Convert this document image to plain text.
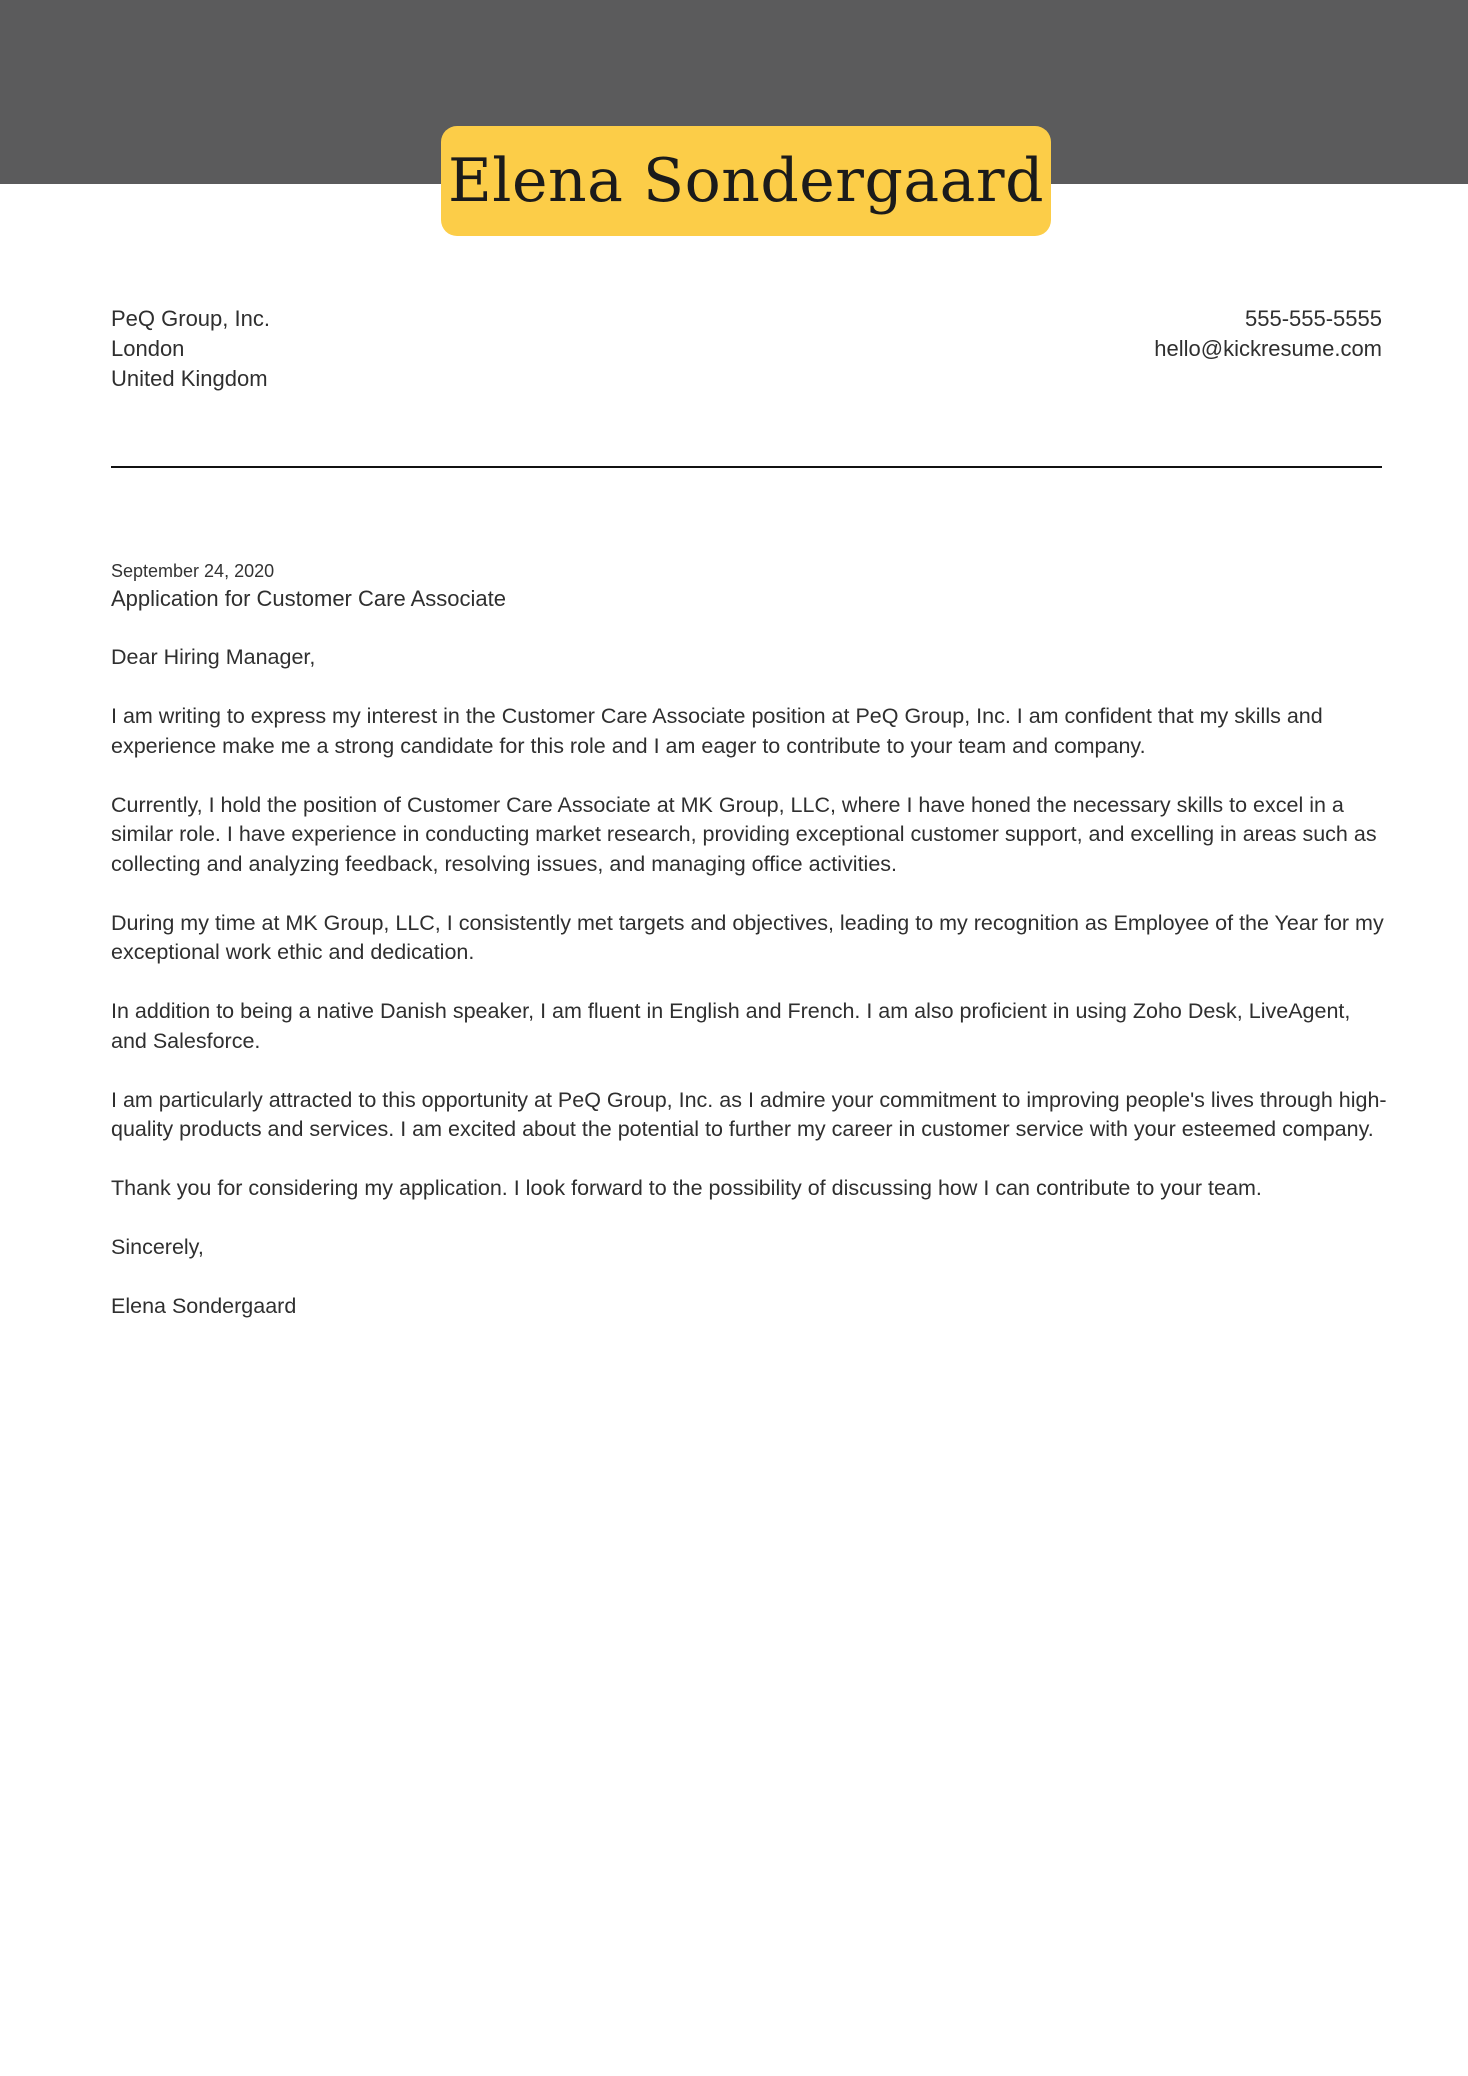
Elena Sondergaard
PeQ Group, Inc.
London
United Kingdom
555-555-5555
hello@kickresume.com
September 24, 2020
Application for Customer Care Associate

Dear Hiring Manager,

I am writing to express my interest in the Customer Care Associate position at PeQ Group, Inc. I am confident that my skills and experience make me a strong candidate for this role and I am eager to contribute to your team and company.

Currently, I hold the position of Customer Care Associate at MK Group, LLC, where I have honed the necessary skills to excel in a similar role. I have experience in conducting market research, providing exceptional customer support, and excelling in areas such as collecting and analyzing feedback, resolving issues, and managing office activities.

During my time at MK Group, LLC, I consistently met targets and objectives, leading to my recognition as Employee of the Year for my exceptional work ethic and dedication.

In addition to being a native Danish speaker, I am fluent in English and French. I am also proficient in using Zoho Desk, LiveAgent, and Salesforce.

I am particularly attracted to this opportunity at PeQ Group, Inc. as I admire your commitment to improving people's lives through high-quality products and services. I am excited about the potential to further my career in customer service with your esteemed company.

Thank you for considering my application. I look forward to the possibility of discussing how I can contribute to your team.

Sincerely,

Elena Sondergaard
